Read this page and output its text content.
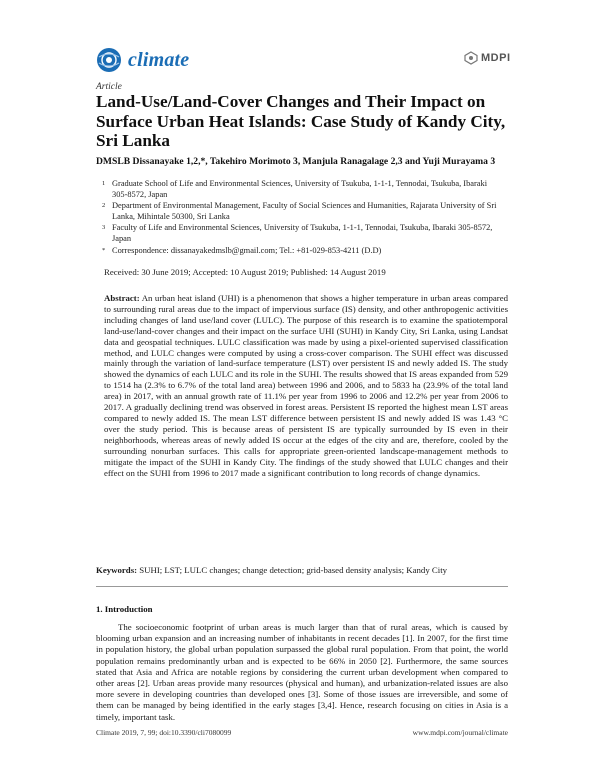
climate	MDPI
Article
Land-Use/Land-Cover Changes and Their Impact on Surface Urban Heat Islands: Case Study of Kandy City, Sri Lanka
DMSLB Dissanayake 1,2,*, Takehiro Morimoto 3, Manjula Ranagalage 2,3 and Yuji Murayama 3
1 Graduate School of Life and Environmental Sciences, University of Tsukuba, 1-1-1, Tennodai, Tsukuba, Ibaraki 305-8572, Japan
2 Department of Environmental Management, Faculty of Social Sciences and Humanities, Rajarata University of Sri Lanka, Mihintale 50300, Sri Lanka
3 Faculty of Life and Environmental Sciences, University of Tsukuba, 1-1-1, Tennodai, Tsukuba, Ibaraki 305-8572, Japan
* Correspondence: dissanayakedmslb@gmail.com; Tel.: +81-029-853-4211 (D.D)
Received: 30 June 2019; Accepted: 10 August 2019; Published: 14 August 2019
Abstract: An urban heat island (UHI) is a phenomenon that shows a higher temperature in urban areas compared to surrounding rural areas due to the impact of impervious surface (IS) density, and other anthropogenic activities including changes of land use/land cover (LULC). The purpose of this research is to examine the spatiotemporal land-use/land-cover changes and their impact on the surface UHI (SUHI) in Kandy City, Sri Lanka, using Landsat data and geospatial techniques. LULC classification was made by using a pixel-oriented supervised classification method, and LULC changes were computed by using a cross-cover comparison. The SUHI effect was discussed mainly through the variation of land-surface temperature (LST) over persistent IS and newly added IS. The study showed the dynamics of each LULC and its role in the SUHI. The results showed that IS areas expanded from 529 to 1514 ha (2.3% to 6.7% of the total land area) between 1996 and 2006, and to 5833 ha (23.9% of the total land area) in 2017, with an annual growth rate of 11.1% per year from 1996 to 2006 and 12.2% per year from 2006 to 2017. A gradually declining trend was observed in forest areas. Persistent IS reported the highest mean LST areas compared to newly added IS. The mean LST difference between persistent IS and newly added IS was 1.43 °C over the study period. This is because areas of persistent IS are typically surrounded by IS even in their neighborhoods, whereas areas of newly added IS occur at the edges of the city and are, therefore, cooled by the surrounding nonurban surfaces. This calls for appropriate green-oriented landscape-management methods to mitigate the impact of the SUHI in Kandy City. The findings of the study showed that LULC changes and their effect on the SUHI from 1996 to 2017 made a significant contribution to long records of change dynamics.
Keywords: SUHI; LST; LULC changes; change detection; grid-based density analysis; Kandy City
1. Introduction
The socioeconomic footprint of urban areas is much larger than that of rural areas, which is caused by blooming urban expansion and an increasing number of inhabitants in recent decades [1]. In 2007, for the first time in population history, the global urban population surpassed the global rural population. From that point, the world population remains predominantly urban and is expected to be 66% in 2050 [2]. Furthermore, the same sources stated that Asia and Africa are notable regions by considering the current urban development when compared to other areas [2]. Urban areas provide many resources (physical and human), and urbanization-related issues are also more severe in developing countries than developed ones [3]. Some of those issues are irreversible, and some of them can be managed by being identified in the early stages [3,4]. Hence, research focusing on cities in Asia is a timely, important task.
Climate 2019, 7, 99; doi:10.3390/cli7080099	www.mdpi.com/journal/climate
